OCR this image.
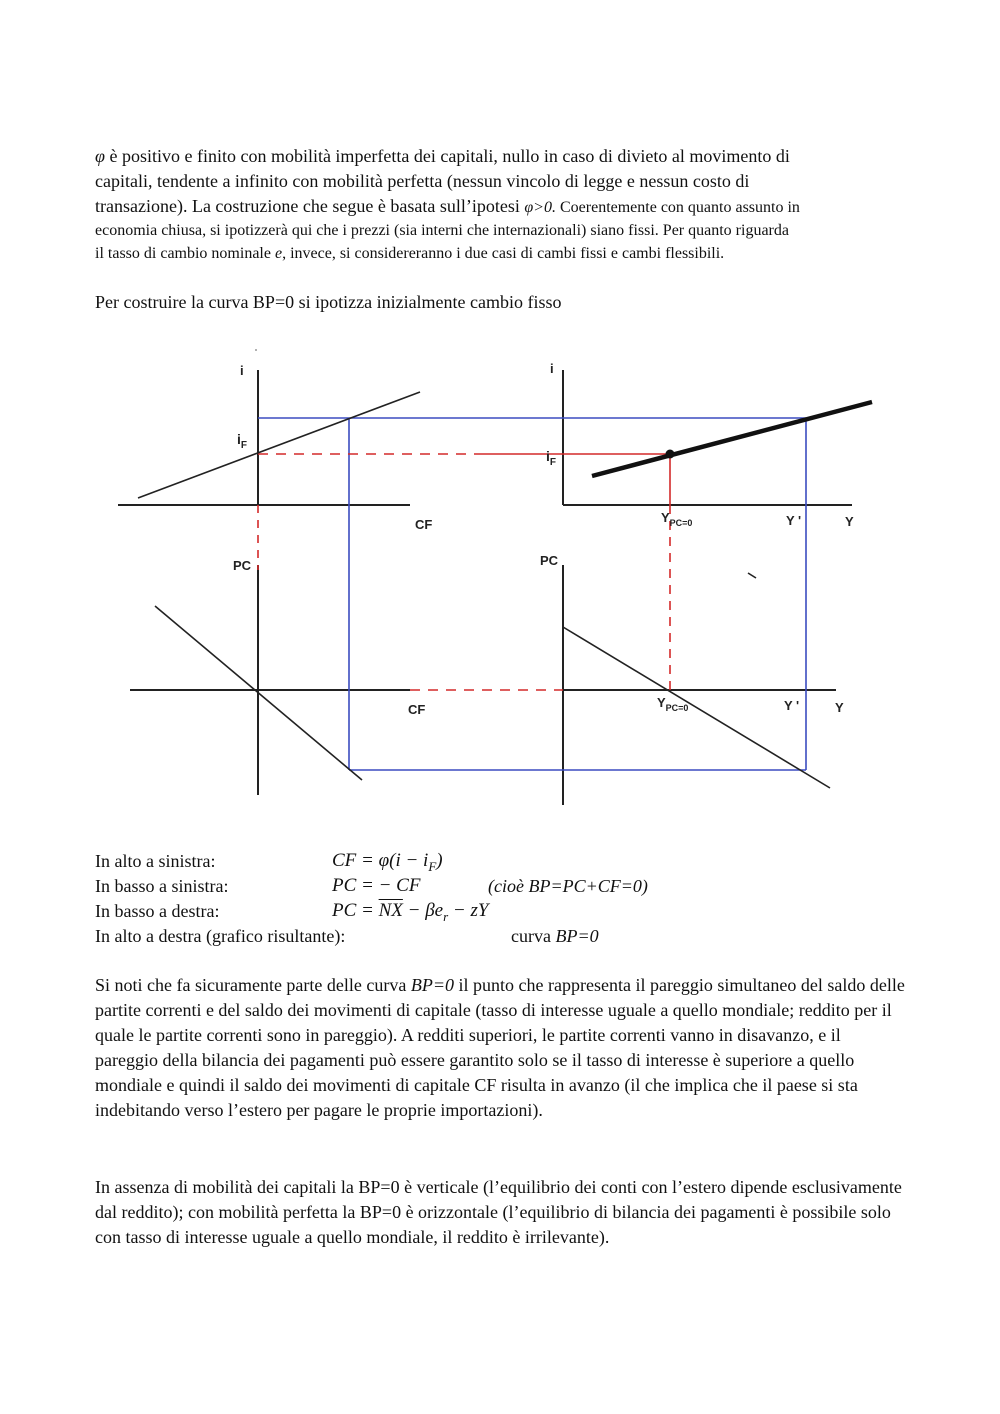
φ è positivo e finito con mobilità imperfetta dei capitali, nullo in caso di divieto al movimento di
capitali, tendente a infinito con mobilità perfetta (nessun vincolo di legge e nessun costo di
transazione). La costruzione che segue è basata sull’ipotesi φ>0. Coerentemente con quanto assunto in
economia chiusa, si ipotizzerà qui che i prezzi (sia interni che internazionali) siano fissi. Per quanto riguarda
il tasso di cambio nominale e, invece, si considereranno i due casi di cambi fissi e cambi flessibili.
Per costruire la curva BP=0 si ipotizza inizialmente cambio fisso
i
$i_F$
CF
i
$i_F$
$Y_{PC=0}$	Y '	Y
PC
CF
PC
$Y_{PC=0}$	Y '	Y
In alto a sinistra:	CF = $\varphi(i - i_F)$
In basso a sinistra:	PC = − CF	(cioè BP=PC+CF=0)
In basso a destra:	PC = $\overline{NX} - \beta e_r$ − zY
In alto a destra (grafico risultante):	curva BP=0

Si noti che fa sicuramente parte delle curva BP=0 il punto che rappresenta il pareggio simultaneo del saldo delle partite correnti e del saldo dei movimenti di capitale (tasso di interesse uguale a quello mondiale; reddito per il quale le partite correnti sono in pareggio). A redditi superiori, le partite correnti vanno in disavanzo, e il pareggio della bilancia dei pagamenti può essere garantito solo se il tasso di interesse è superiore a quello mondiale e quindi il saldo dei movimenti di capitale CF risulta in avanzo (il che implica che il paese si sta indebitando verso l’estero per pagare le proprie importazioni).

In assenza di mobilità dei capitali la BP=0 è verticale (l’equilibrio dei conti con l’estero dipende esclusivamente dal reddito); con mobilità perfetta la BP=0 è orizzontale (l’equilibrio di bilancia dei pagamenti è possibile solo con tasso di interesse uguale a quello mondiale, il reddito è irrilevante).
